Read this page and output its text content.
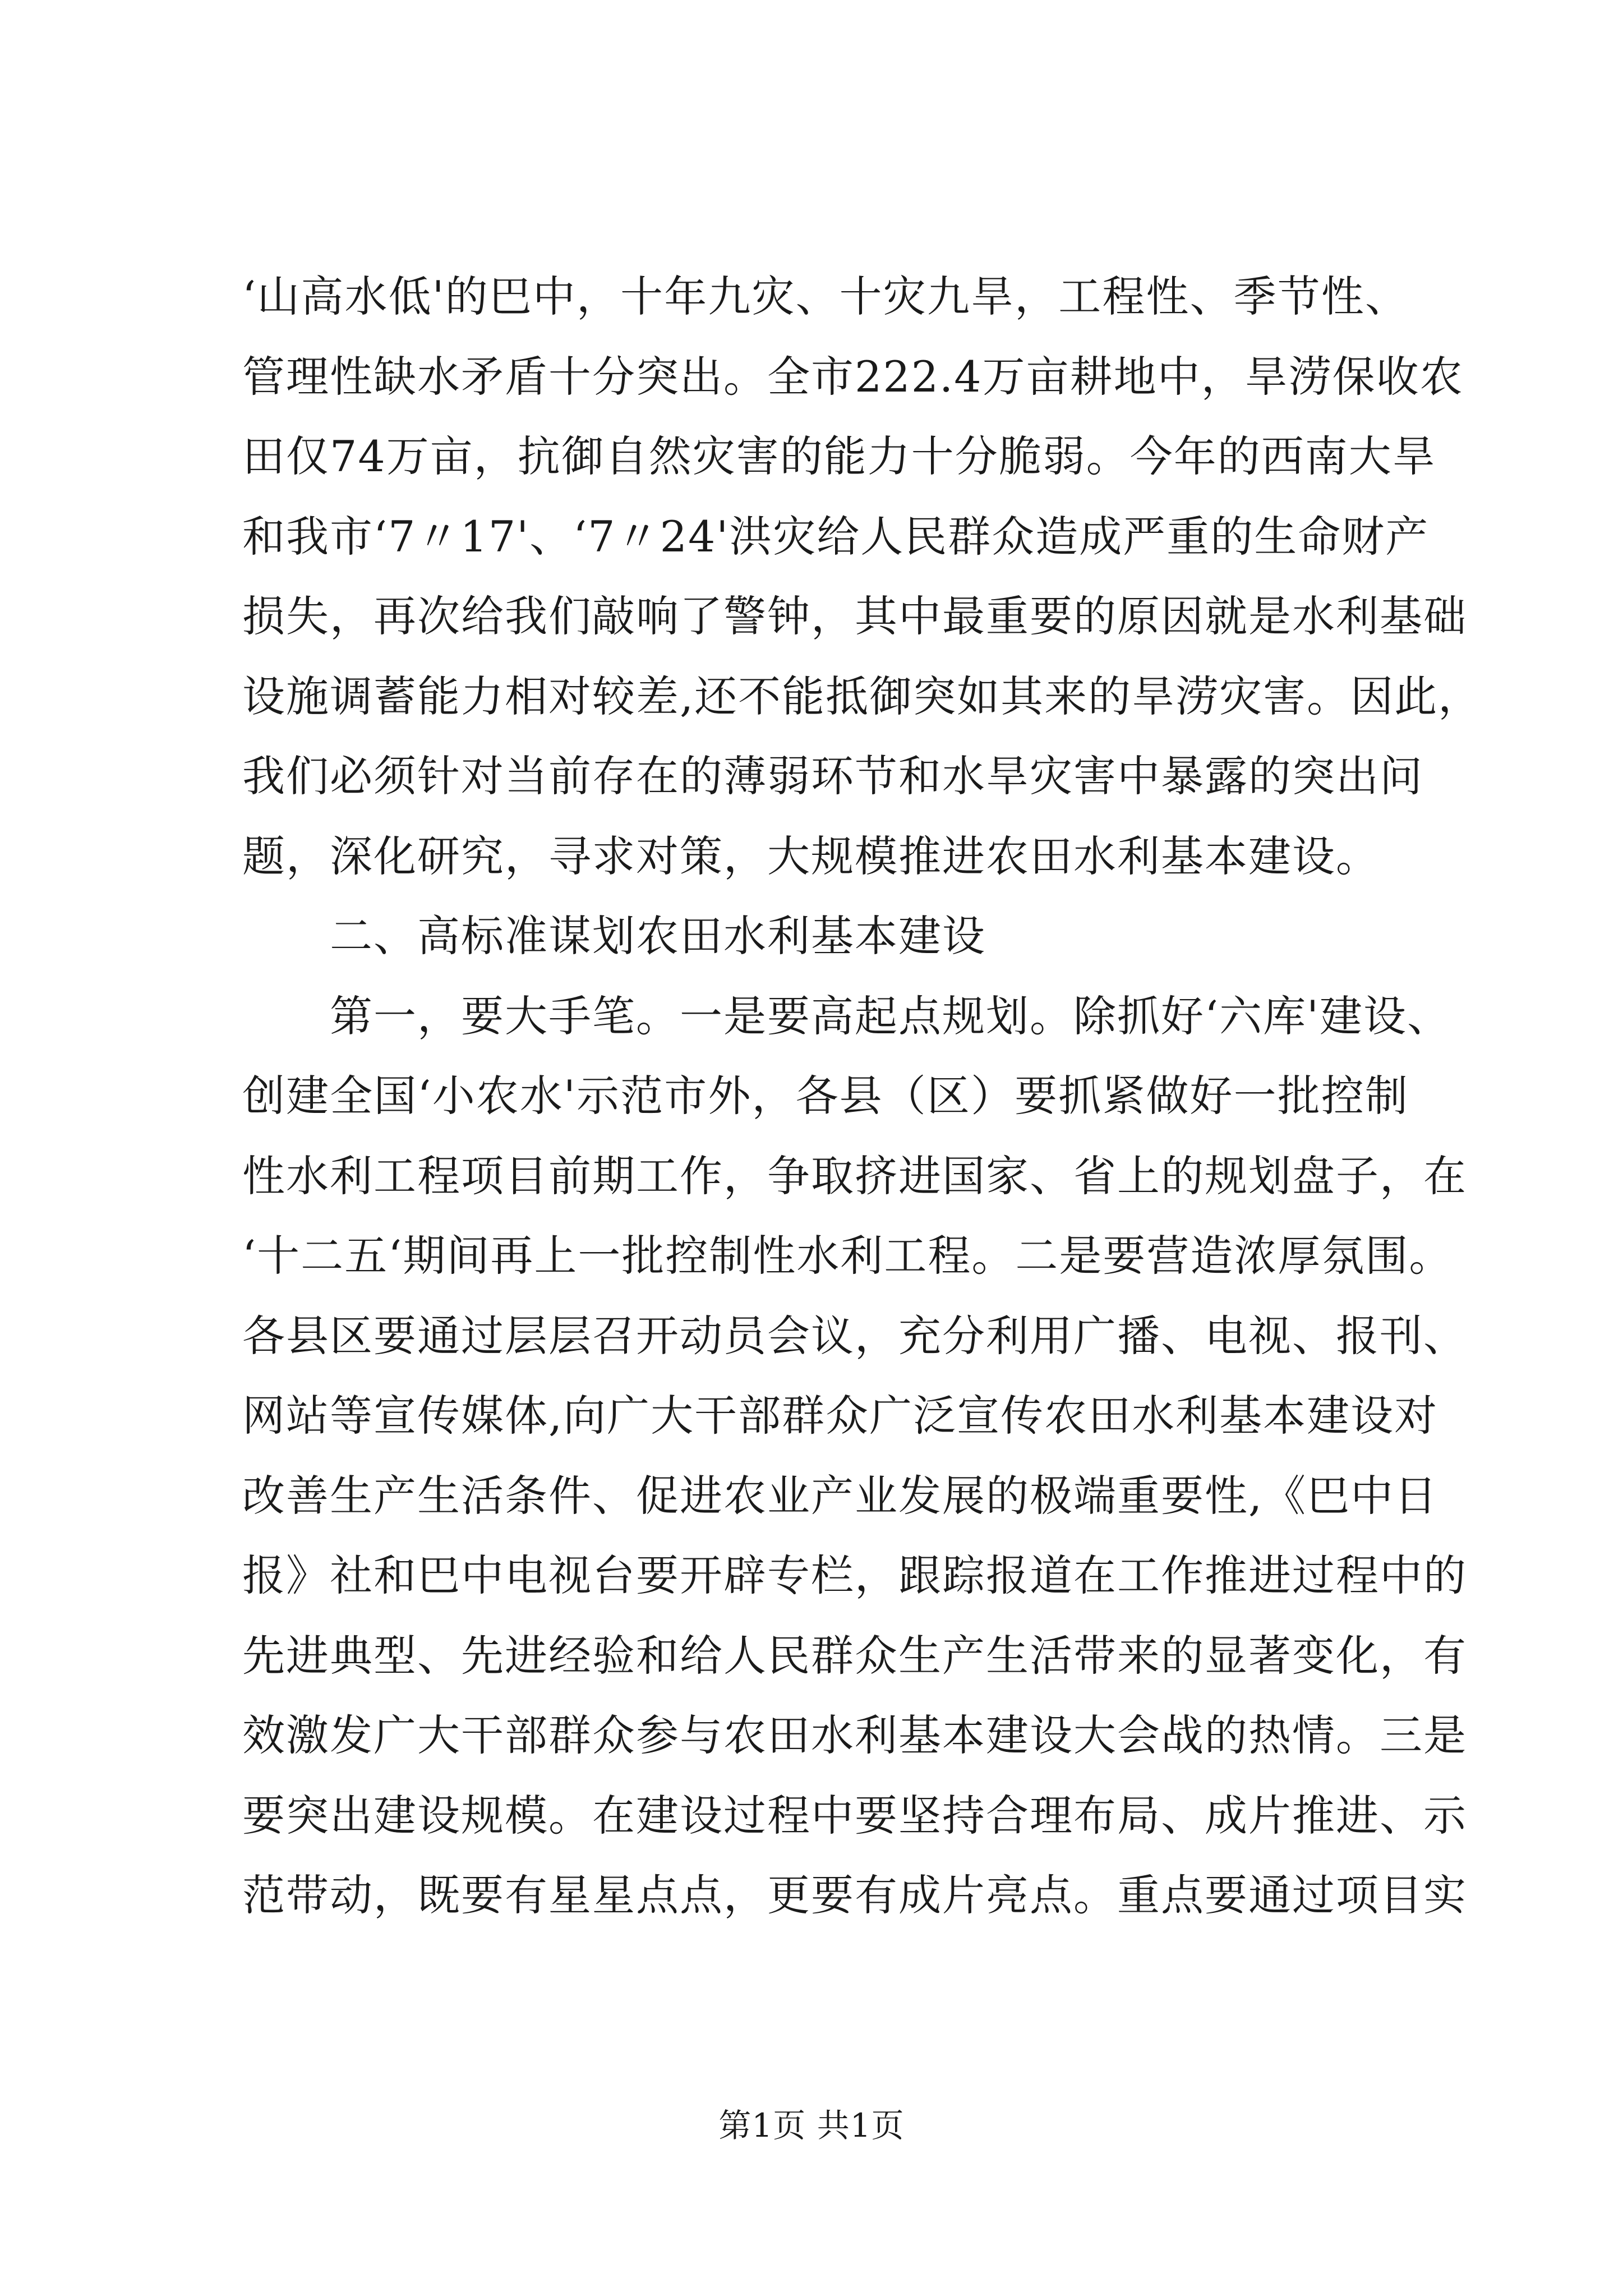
‘山高水低'的巴中，十年九灾、十灾九旱，工程性、季节性、
管理性缺水矛盾十分突出。全市222.4万亩耕地中，旱涝保收农
田仅74万亩，抗御自然灾害的能力十分脆弱。今年的西南大旱
和我市‘7〃17'、‘7〃24'洪灾给人民群众造成严重的生命财产
损失，再次给我们敲响了警钟，其中最重要的原因就是水利基础
设施调蓄能力相对较差,还不能抵御突如其来的旱涝灾害。因此，
我们必须针对当前存在的薄弱环节和水旱灾害中暴露的突出问
题，深化研究，寻求对策，大规模推进农田水利基本建设。
二、高标准谋划农田水利基本建设
第一，要大手笔。一是要高起点规划。除抓好‘六库'建设、
创建全国‘小农水'示范市外，各县（区）要抓紧做好一批控制
性水利工程项目前期工作，争取挤进国家、省上的规划盘子，在
‘十二五‘期间再上一批控制性水利工程。二是要营造浓厚氛围。
各县区要通过层层召开动员会议，充分利用广播、电视、报刊、
网站等宣传媒体,向广大干部群众广泛宣传农田水利基本建设对
改善生产生活条件、促进农业产业发展的极端重要性,《巴中日
报》社和巴中电视台要开辟专栏，跟踪报道在工作推进过程中的
先进典型、先进经验和给人民群众生产生活带来的显著变化，有
效激发广大干部群众参与农田水利基本建设大会战的热情。三是
要突出建设规模。在建设过程中要坚持合理布局、成片推进、示
范带动，既要有星星点点，更要有成片亮点。重点要通过项目实
第1页 共1页
